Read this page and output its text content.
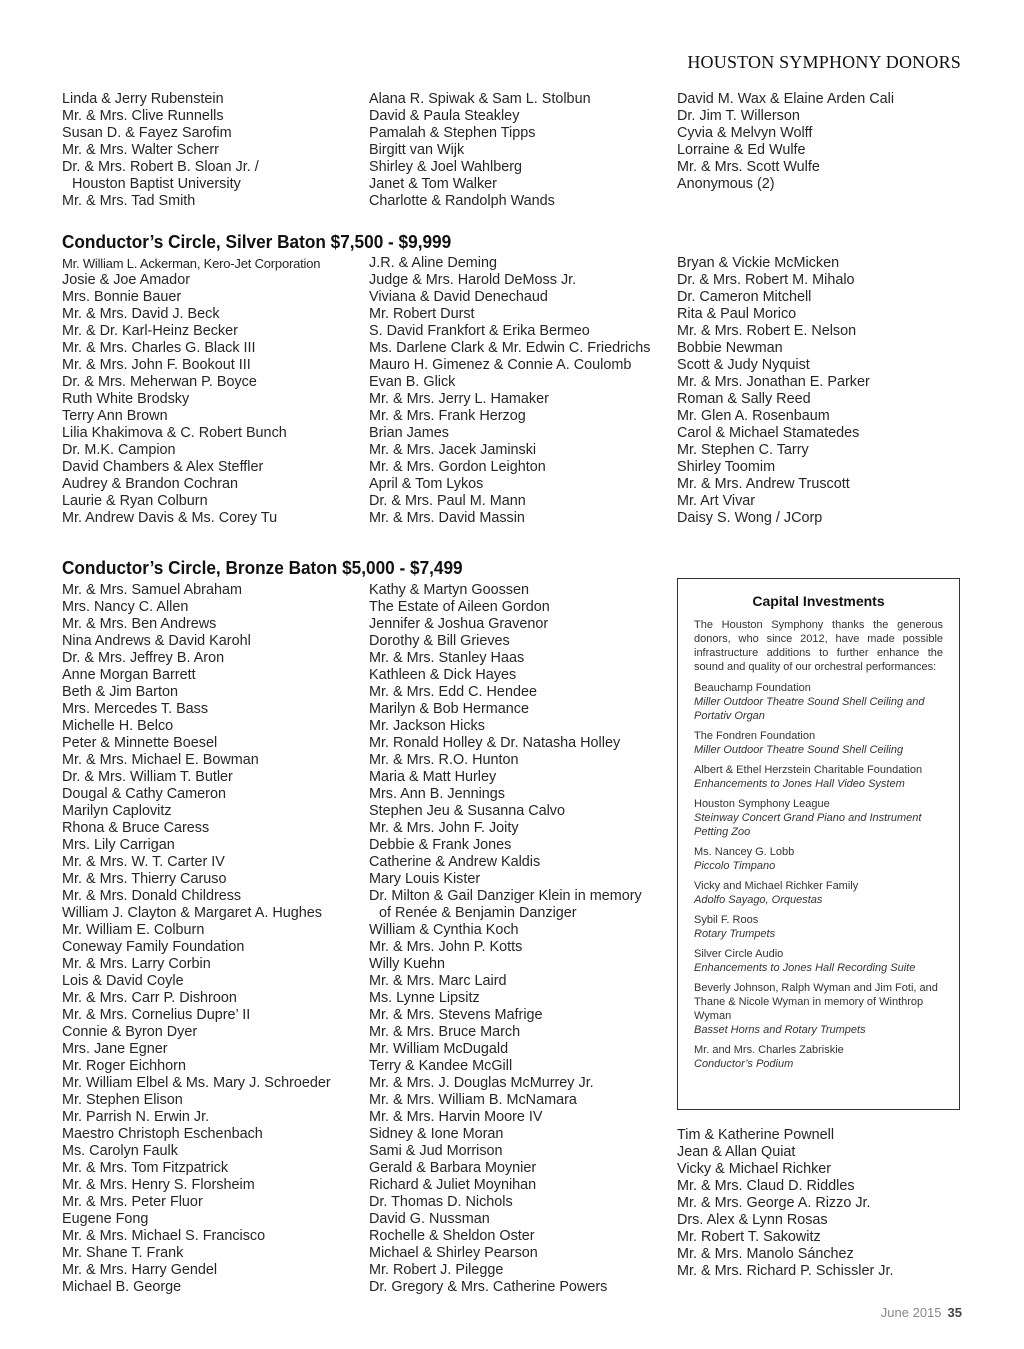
HOUSTON SYMPHONY DONORS
Linda & Jerry Rubenstein
Mr. & Mrs. Clive Runnells
Susan D. & Fayez Sarofim
Mr. & Mrs. Walter Scherr
Dr. & Mrs. Robert B. Sloan Jr. /
Houston Baptist University
Mr. & Mrs. Tad Smith
Alana R. Spiwak & Sam L. Stolbun
David & Paula Steakley
Pamalah & Stephen Tipps
Birgitt van Wijk
Shirley & Joel Wahlberg
Janet & Tom Walker
Charlotte & Randolph Wands
David M. Wax & Elaine Arden Cali
Dr. Jim T. Willerson
Cyvia & Melvyn Wolff
Lorraine & Ed Wulfe
Mr. & Mrs. Scott Wulfe
Anonymous (2)
Conductor’s Circle, Silver Baton $7,500 - $9,999
Mr. William L. Ackerman, Kero-Jet Corporation
Josie & Joe Amador
Mrs. Bonnie Bauer
Mr. & Mrs. David J. Beck
Mr. & Dr. Karl-Heinz Becker
Mr. & Mrs. Charles G. Black III
Mr. & Mrs. John F. Bookout III
Dr. & Mrs. Meherwan P. Boyce
Ruth White Brodsky
Terry Ann Brown
Lilia Khakimova & C. Robert Bunch
Dr. M.K. Campion
David Chambers & Alex Steffler
Audrey & Brandon Cochran
Laurie & Ryan Colburn
Mr. Andrew Davis & Ms. Corey Tu
J.R. & Aline Deming
Judge & Mrs. Harold DeMoss Jr.
Viviana & David Denechaud
Mr. Robert Durst
S. David Frankfort & Erika Bermeo
Ms. Darlene Clark & Mr. Edwin C. Friedrichs
Mauro H. Gimenez & Connie A. Coulomb
Evan B. Glick
Mr. & Mrs. Jerry L. Hamaker
Mr. & Mrs. Frank Herzog
Brian James
Mr. & Mrs. Jacek Jaminski
Mr. & Mrs. Gordon Leighton
April & Tom Lykos
Dr. & Mrs. Paul M. Mann
Mr. & Mrs. David Massin
Bryan & Vickie McMicken
Dr. & Mrs. Robert M. Mihalo
Dr. Cameron Mitchell
Rita & Paul Morico
Mr. & Mrs. Robert E. Nelson
Bobbie Newman
Scott & Judy Nyquist
Mr. & Mrs. Jonathan E. Parker
Roman & Sally Reed
Mr. Glen A. Rosenbaum
Carol & Michael Stamatedes
Mr. Stephen C. Tarry
Shirley Toomim
Mr. & Mrs. Andrew Truscott
Mr. Art Vivar
Daisy S. Wong / JCorp
Conductor’s Circle, Bronze Baton $5,000 - $7,499
Mr. & Mrs. Samuel Abraham
Mrs. Nancy C. Allen
Mr. & Mrs. Ben Andrews
Nina Andrews & David Karohl
Dr. & Mrs. Jeffrey B. Aron
Anne Morgan Barrett
Beth & Jim Barton
Mrs. Mercedes T. Bass
Michelle H. Belco
Peter & Minnette Boesel
Mr. & Mrs. Michael E. Bowman
Dr. & Mrs. William T. Butler
Dougal & Cathy Cameron
Marilyn Caplovitz
Rhona & Bruce Caress
Mrs. Lily Carrigan
Mr. & Mrs. W. T. Carter IV
Mr. & Mrs. Thierry Caruso
Mr. & Mrs. Donald Childress
William J. Clayton & Margaret A. Hughes
Mr. William E. Colburn
Coneway Family Foundation
Mr. & Mrs. Larry Corbin
Lois & David Coyle
Mr. & Mrs. Carr P. Dishroon
Mr. & Mrs. Cornelius Dupre’ II
Connie & Byron Dyer
Mrs. Jane Egner
Mr. Roger Eichhorn
Mr. William Elbel & Ms. Mary J. Schroeder
Mr. Stephen Elison
Mr. Parrish N. Erwin Jr.
Maestro Christoph Eschenbach
Ms. Carolyn Faulk
Mr. & Mrs. Tom Fitzpatrick
Mr. & Mrs. Henry S. Florsheim
Mr. & Mrs. Peter Fluor
Eugene Fong
Mr. & Mrs. Michael S. Francisco
Mr. Shane T. Frank
Mr. & Mrs. Harry Gendel
Michael B. George
Kathy & Martyn Goossen
The Estate of Aileen Gordon
Jennifer & Joshua Gravenor
Dorothy & Bill Grieves
Mr. & Mrs. Stanley Haas
Kathleen & Dick Hayes
Mr. & Mrs. Edd C. Hendee
Marilyn & Bob Hermance
Mr. Jackson Hicks
Mr. Ronald Holley & Dr. Natasha Holley
Mr. & Mrs. R.O. Hunton
Maria & Matt Hurley
Mrs. Ann B. Jennings
Stephen Jeu & Susanna Calvo
Mr. & Mrs. John F. Joity
Debbie & Frank Jones
Catherine & Andrew Kaldis
Mary Louis Kister
Dr. Milton & Gail Danziger Klein in memory
of Renée & Benjamin Danziger
William & Cynthia Koch
Mr. & Mrs. John P. Kotts
Willy Kuehn
Mr. & Mrs. Marc Laird
Ms. Lynne Lipsitz
Mr. & Mrs. Stevens Mafrige
Mr. & Mrs. Bruce March
Mr. William McDugald
Terry & Kandee McGill
Mr. & Mrs. J. Douglas McMurrey Jr.
Mr. & Mrs. William B. McNamara
Mr. & Mrs. Harvin Moore IV
Sidney & Ione Moran
Sami & Jud Morrison
Gerald & Barbara Moynier
Richard & Juliet Moynihan
Dr. Thomas D. Nichols
David G. Nussman
Rochelle & Sheldon Oster
Michael & Shirley Pearson
Mr. Robert J. Pilegge
Dr. Gregory & Mrs. Catherine Powers
Capital Investments
The Houston Symphony thanks the generous donors, who since 2012, have made possible infrastructure additions to further enhance the sound and quality of our orchestral performances:
Beauchamp Foundation
Miller Outdoor Theatre Sound Shell Ceiling and Portativ Organ
The Fondren Foundation
Miller Outdoor Theatre Sound Shell Ceiling
Albert & Ethel Herzstein Charitable Foundation
Enhancements to Jones Hall Video System
Houston Symphony League
Steinway Concert Grand Piano and Instrument Petting Zoo
Ms. Nancey G. Lobb
Piccolo Timpano
Vicky and Michael Richker Family
Adolfo Sayago, Orquestas
Sybil F. Roos
Rotary Trumpets
Silver Circle Audio
Enhancements to Jones Hall Recording Suite
Beverly Johnson, Ralph Wyman and Jim Foti, and Thane & Nicole Wyman in memory of Winthrop Wyman
Basset Horns and Rotary Trumpets
Mr. and Mrs. Charles Zabriskie
Conductor’s Podium
Tim & Katherine Pownell
Jean & Allan Quiat
Vicky & Michael Richker
Mr. & Mrs. Claud D. Riddles
Mr. & Mrs. George A. Rizzo Jr.
Drs. Alex & Lynn Rosas
Mr. Robert T. Sakowitz
Mr. & Mrs. Manolo Sánchez
Mr. & Mrs. Richard P. Schissler Jr.
June 2015 35
